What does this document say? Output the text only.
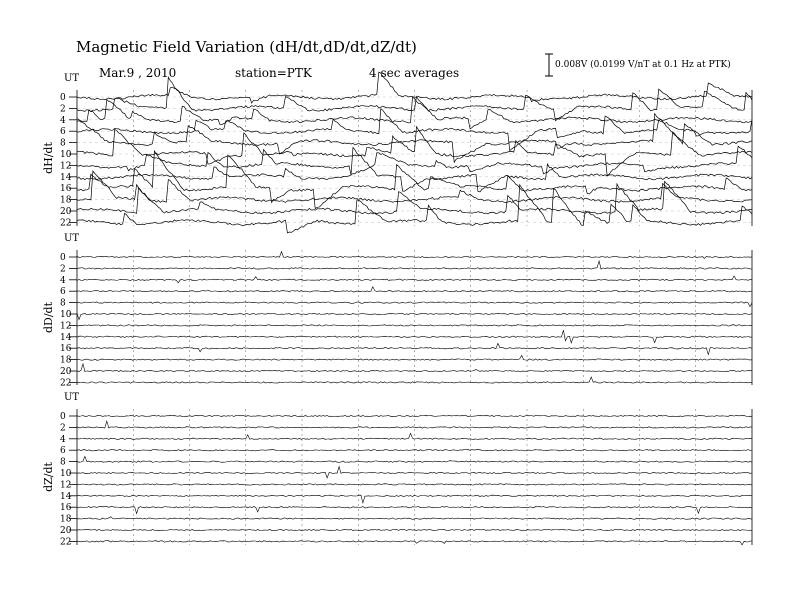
Magnetic Field Variation (dH/dt,dD/dt,dZ/dt)
Mar.9 , 2010	station=PTK	4 sec averages
0.008V (0.0199 V/nT at 0.1 Hz at PTK)
UT
dH/dt
0
2
4
6
8
10
12
14
16
18
20
22
UT
dD/dt
0
2
4
6
8
10
12
14
16
18
20
22
UT
dZ/dt
0
2
4
6
8
10
12
14
16
18
20
22
